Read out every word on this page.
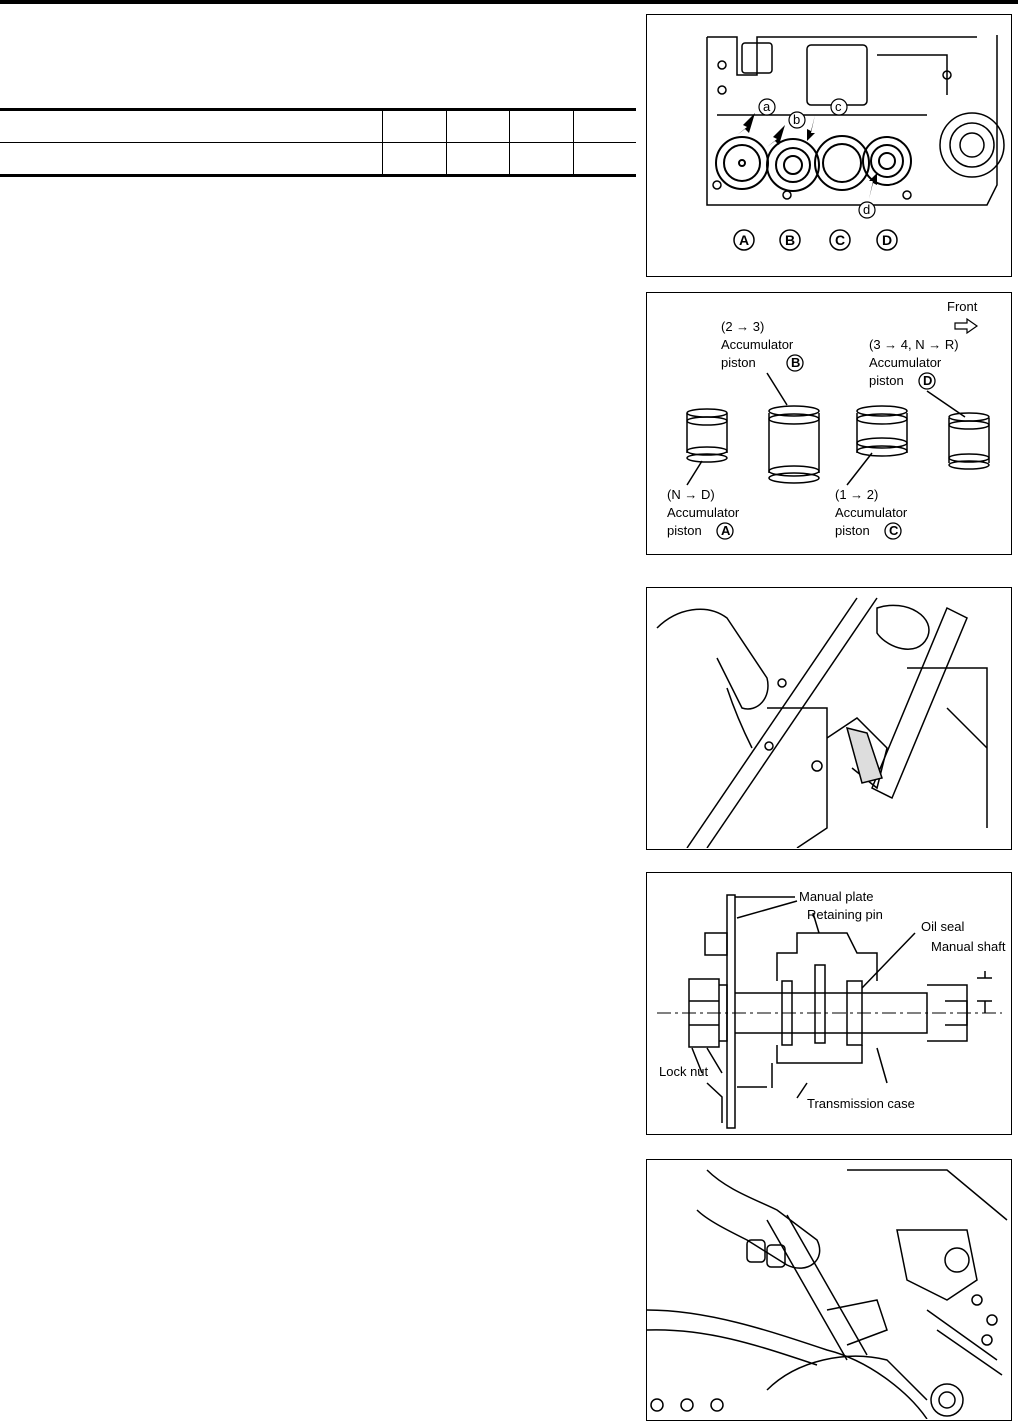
a
b
c
d
A	B	C	D
Front
(2 → 3)
Accumulator
piston	B
(3 → 4, N → R)
Accumulator
piston D
(N → D)
Accumulator
piston A
(1 → 2)
Accumulator
piston C
Manual plate
Retaining pin
Oil seal
Manual shaft
Lock nut
Transmission case
